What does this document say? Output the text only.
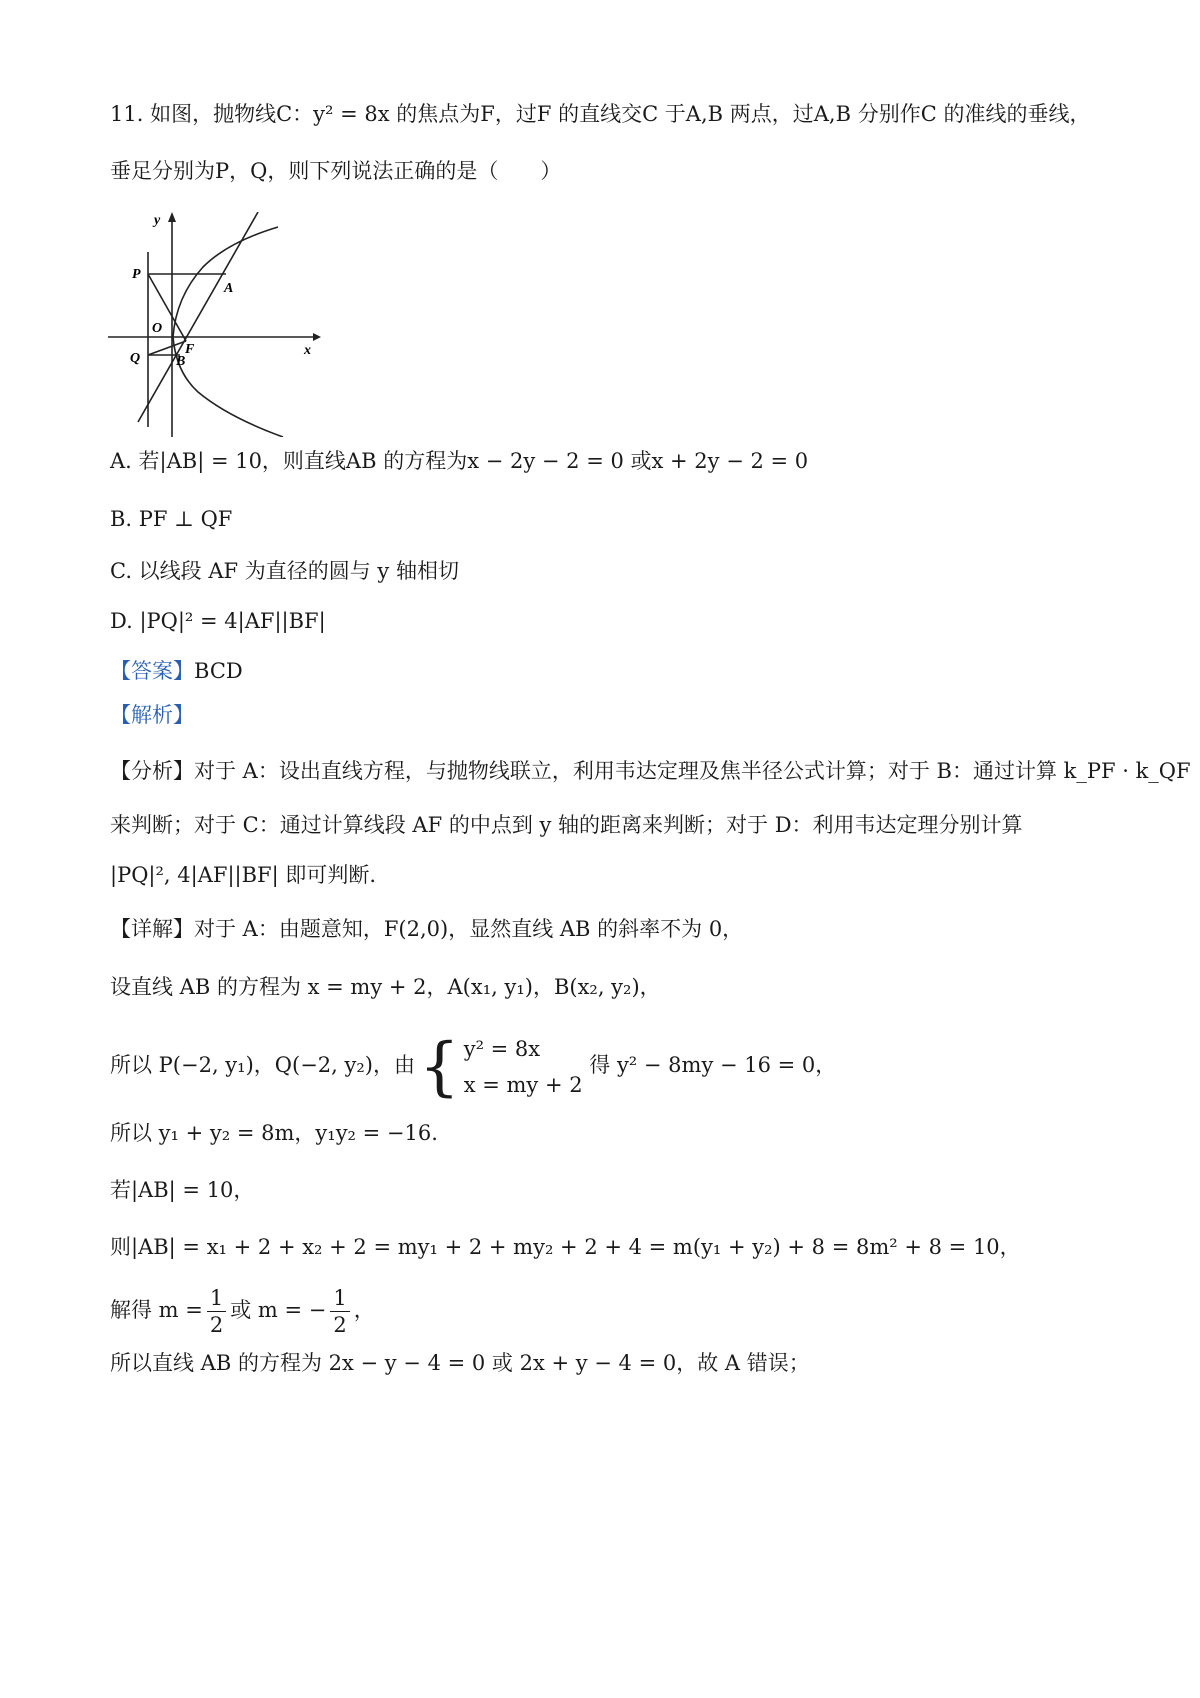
11. 如图，抛物线C：y² = 8x 的焦点为F，过F 的直线交C 于A,B 两点，过A,B 分别作C 的准线的垂线，
垂足分别为P，Q，则下列说法正确的是（　　）
y
x
P
A
O
F
Q	B
A. 若|AB| = 10，则直线AB 的方程为x − 2y − 2 = 0 或x + 2y − 2 = 0
B. PF ⊥ QF
C. 以线段 AF 为直径的圆与 y 轴相切
D. |PQ|² = 4|AF||BF|
【答案】BCD
【解析】
【分析】对于 A：设出直线方程，与抛物线联立，利用韦达定理及焦半径公式计算；对于 B：通过计算 k_PF · k_QF
来判断；对于 C：通过计算线段 AF 的中点到 y 轴的距离来判断；对于 D：利用韦达定理分别计算
|PQ|², 4|AF||BF| 即可判断.
【详解】对于 A：由题意知，F(2,0)，显然直线 AB 的斜率不为 0，
设直线 AB 的方程为 x = my + 2，A(x₁, y₁)，B(x₂, y₂)，
所以 P(−2, y₁)，Q(−2, y₂)，由{ y² = 8x
x = my + 2
得 y² − 8my − 16 = 0，
所以 y₁ + y₂ = 8m，y₁y₂ = −16.
若|AB| = 10，
则|AB| = x₁ + 2 + x₂ + 2 = my₁ + 2 + my₂ + 2 + 4 = m(y₁ + y₂) + 8 = 8m² + 8 = 10，
解得 $m = \frac{1}{2}$ 或 m = − $\frac{1}{2}$ ，
所以直线 AB 的方程为 2x − y − 4 = 0 或 2x + y − 4 = 0，故 A 错误；
